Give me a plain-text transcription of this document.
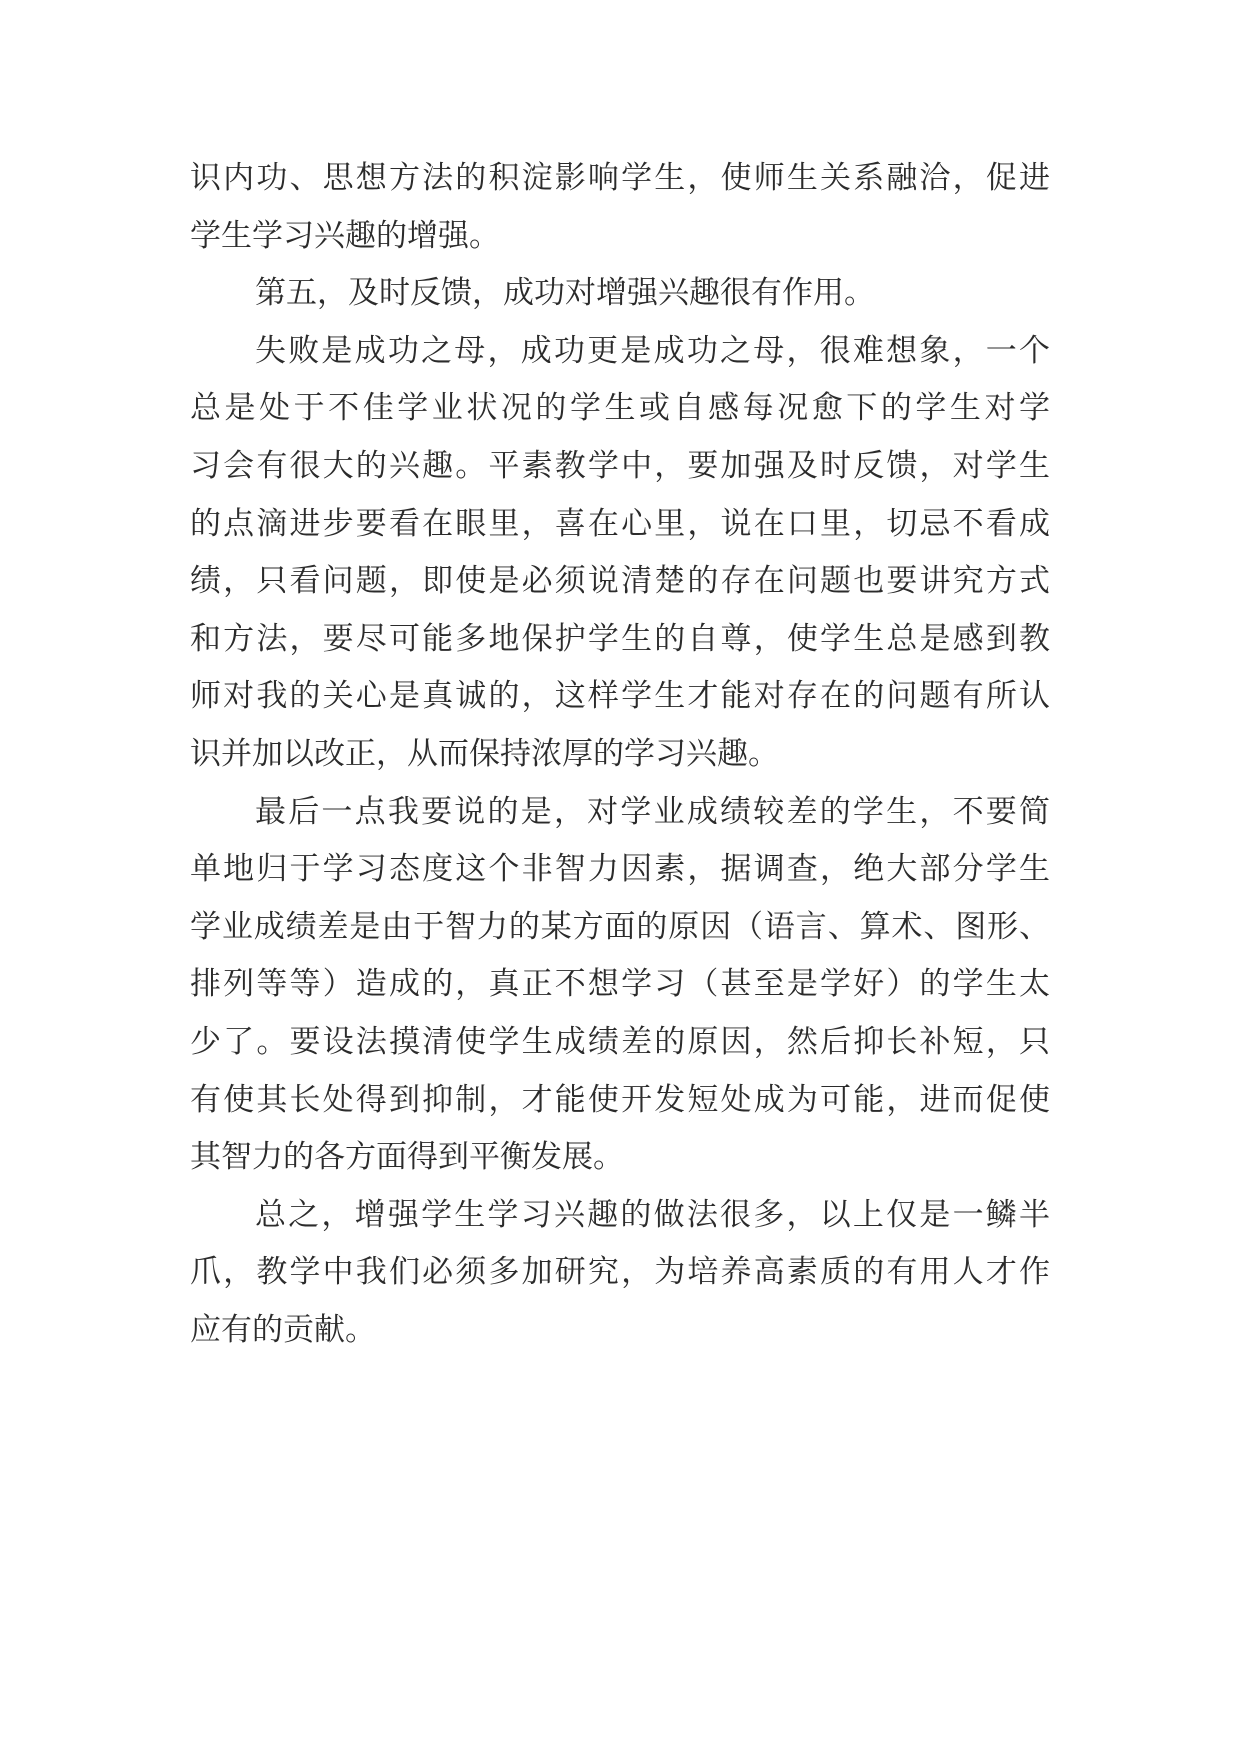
识内功、思想方法的积淀影响学生，使师生关系融洽，促进
学生学习兴趣的增强。
第五，及时反馈，成功对增强兴趣很有作用。
失败是成功之母，成功更是成功之母，很难想象，一个
总是处于不佳学业状况的学生或自感每况愈下的学生对学
习会有很大的兴趣。平素教学中，要加强及时反馈，对学生
的点滴进步要看在眼里，喜在心里，说在口里，切忌不看成
绩，只看问题，即使是必须说清楚的存在问题也要讲究方式
和方法，要尽可能多地保护学生的自尊，使学生总是感到教
师对我的关心是真诚的，这样学生才能对存在的问题有所认
识并加以改正，从而保持浓厚的学习兴趣。
最后一点我要说的是，对学业成绩较差的学生，不要简
单地归于学习态度这个非智力因素，据调查，绝大部分学生
学业成绩差是由于智力的某方面的原因（语言、算术、图形、
排列等等）造成的，真正不想学习（甚至是学好）的学生太
少了。要设法摸清使学生成绩差的原因，然后抑长补短，只
有使其长处得到抑制，才能使开发短处成为可能，进而促使
其智力的各方面得到平衡发展。
总之，增强学生学习兴趣的做法很多，以上仅是一鳞半
爪，教学中我们必须多加研究，为培养高素质的有用人才作
应有的贡献。
